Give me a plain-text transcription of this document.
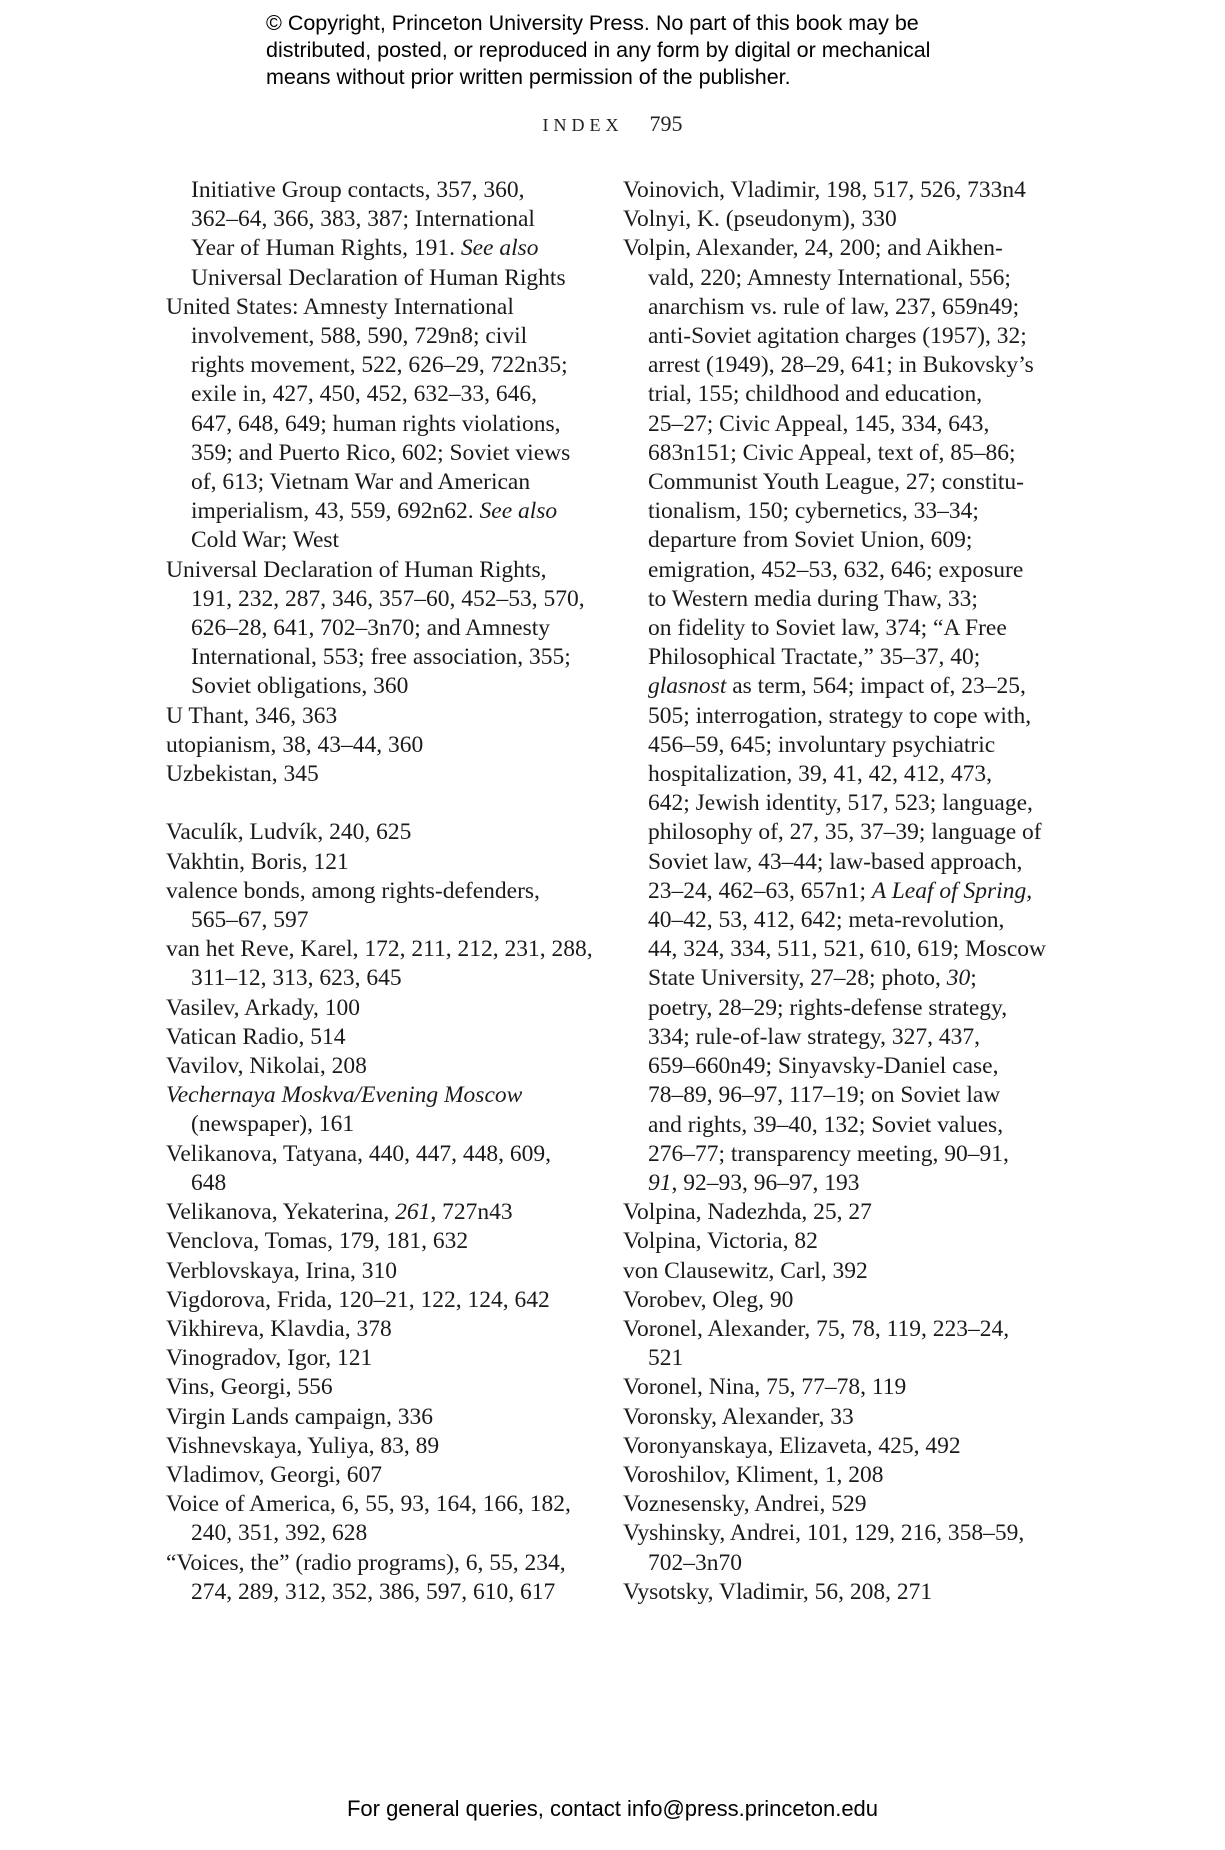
© Copyright, Princeton University Press. No part of this book may be
distributed, posted, or reproduced in any form by digital or mechanical
means without prior written permission of the publisher.
INDEX 795
Initiative Group contacts, 357, 360,
362–64, 366, 383, 387; International
Year of Human Rights, 191. See also
Universal Declaration of Human Rights
United States: Amnesty International
involvement, 588, 590, 729n8; civil
rights movement, 522, 626–29, 722n35;
exile in, 427, 450, 452, 632–33, 646,
647, 648, 649; human rights violations,
359; and Puerto Rico, 602; Soviet views
of, 613; Vietnam War and American
imperialism, 43, 559, 692n62. See also
Cold War; West
Universal Declaration of Human Rights,
191, 232, 287, 346, 357–60, 452–53, 570,
626–28, 641, 702–3n70; and Amnesty
International, 553; free association, 355;
Soviet obligations, 360
U Thant, 346, 363
utopianism, 38, 43–44, 360
Uzbekistan, 345
Vaculík, Ludvík, 240, 625
Vakhtin, Boris, 121
valence bonds, among rights-defenders,
565–67, 597
van het Reve, Karel, 172, 211, 212, 231, 288,
311–12, 313, 623, 645
Vasilev, Arkady, 100
Vatican Radio, 514
Vavilov, Nikolai, 208
Vechernaya Moskva/Evening Moscow
(newspaper), 161
Velikanova, Tatyana, 440, 447, 448, 609,
648
Velikanova, Yekaterina, 261, 727n43
Venclova, Tomas, 179, 181, 632
Verblovskaya, Irina, 310
Vigdorova, Frida, 120–21, 122, 124, 642
Vikhireva, Klavdia, 378
Vinogradov, Igor, 121
Vins, Georgi, 556
Virgin Lands campaign, 336
Vishnevskaya, Yuliya, 83, 89
Vladimov, Georgi, 607
Voice of America, 6, 55, 93, 164, 166, 182,
240, 351, 392, 628
“Voices, the” (radio programs), 6, 55, 234,
274, 289, 312, 352, 386, 597, 610, 617
Voinovich, Vladimir, 198, 517, 526, 733n4
Volnyi, K. (pseudonym), 330
Volpin, Alexander, 24, 200; and Aikhen-
vald, 220; Amnesty International, 556;
anarchism vs. rule of law, 237, 659n49;
anti-Soviet agitation charges (1957), 32;
arrest (1949), 28–29, 641; in Bukovsky’s
trial, 155; childhood and education,
25–27; Civic Appeal, 145, 334, 643,
683n151; Civic Appeal, text of, 85–86;
Communist Youth League, 27; constitu-
tionalism, 150; cybernetics, 33–34;
departure from Soviet Union, 609;
emigration, 452–53, 632, 646; exposure
to Western media during Thaw, 33;
on fidelity to Soviet law, 374; “A Free
Philosophical Tractate,” 35–37, 40;
glasnost as term, 564; impact of, 23–25,
505; interrogation, strategy to cope with,
456–59, 645; involuntary psychiatric
hospitalization, 39, 41, 42, 412, 473,
642; Jewish identity, 517, 523; language,
philosophy of, 27, 35, 37–39; language of
Soviet law, 43–44; law-based approach,
23–24, 462–63, 657n1; A Leaf of Spring,
40–42, 53, 412, 642; meta-revolution,
44, 324, 334, 511, 521, 610, 619; Moscow
State University, 27–28; photo, 30;
poetry, 28–29; rights-defense strategy,
334; rule-of-law strategy, 327, 437,
659–660n49; Sinyavsky-Daniel case,
78–89, 96–97, 117–19; on Soviet law
and rights, 39–40, 132; Soviet values,
276–77; transparency meeting, 90–91,
91, 92–93, 96–97, 193
Volpina, Nadezhda, 25, 27
Volpina, Victoria, 82
von Clausewitz, Carl, 392
Vorobev, Oleg, 90
Voronel, Alexander, 75, 78, 119, 223–24,
521
Voronel, Nina, 75, 77–78, 119
Voronsky, Alexander, 33
Voronyanskaya, Elizaveta, 425, 492
Voroshilov, Kliment, 1, 208
Voznesensky, Andrei, 529
Vyshinsky, Andrei, 101, 129, 216, 358–59,
702–3n70
Vysotsky, Vladimir, 56, 208, 271
For general queries, contact info@press.princeton.edu
